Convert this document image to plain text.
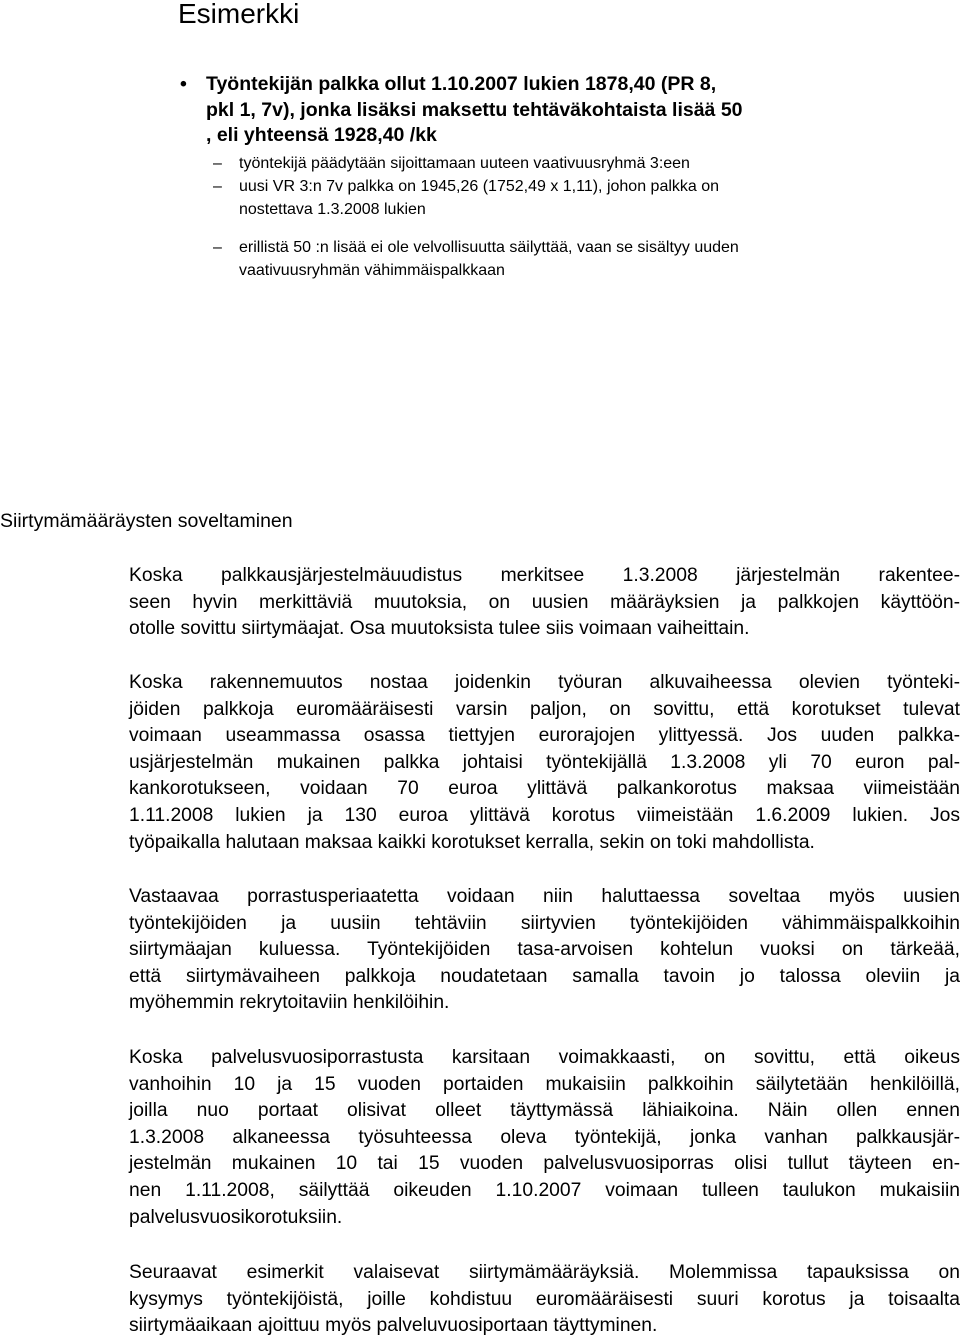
Esimerkki
• Työntekijän palkka ollut 1.10.2007 lukien 1878,40 (PR 8,
pkl 1, 7v), jonka lisäksi maksettu tehtäväkohtaista lisää 50
, eli yhteensä 1928,40 /kk
– työntekijä päädytään sijoittamaan uuteen vaativuusryhmä 3:een
– uusi VR 3:n 7v palkka on 1945,26 (1752,49 x 1,11), johon palkka on
nostettava 1.3.2008 lukien
– erillistä 50 :n lisää ei ole velvollisuutta säilyttää, vaan se sisältyy uuden
vaativuusryhmän vähimmäispalkkaan
Siirtymämääräysten soveltaminen
Koska palkkausjärjestelmäuudistus merkitsee 1.3.2008 järjestelmän rakentee-
seen hyvin merkittäviä muutoksia, on uusien määräyksien ja palkkojen käyttöön-
otolle sovittu siirtymäajat. Osa muutoksista tulee siis voimaan vaiheittain.
Koska rakennemuutos nostaa joidenkin työuran alkuvaiheessa olevien työnteki-
jöiden palkkoja euromääräisesti varsin paljon, on sovittu, että korotukset tulevat
voimaan useammassa osassa tiettyjen eurorajojen ylittyessä. Jos uuden palkka-
usjärjestelmän mukainen palkka johtaisi työntekijällä 1.3.2008 yli 70 euron pal-
kankorotukseen, voidaan 70 euroa ylittävä palkankorotus maksaa viimeistään
1.11.2008 lukien ja 130 euroa ylittävä korotus viimeistään 1.6.2009 lukien. Jos
työpaikalla halutaan maksaa kaikki korotukset kerralla, sekin on toki mahdollista.
Vastaavaa porrastusperiaatetta voidaan niin haluttaessa soveltaa myös uusien
työntekijöiden ja uusiin tehtäviin siirtyvien työntekijöiden vähimmäispalkkoihin
siirtymäajan kuluessa. Työntekijöiden tasa-arvoisen kohtelun vuoksi on tärkeää,
että siirtymävaiheen palkkoja noudatetaan samalla tavoin jo talossa oleviin ja
myöhemmin rekrytoitaviin henkilöihin.
Koska palvelusvuosiporrastusta karsitaan voimakkaasti, on sovittu, että oikeus
vanhoihin 10 ja 15 vuoden portaiden mukaisiin palkkoihin säilytetään henkilöillä,
joilla nuo portaat olisivat olleet täyttymässä lähiaikoina. Näin ollen ennen
1.3.2008 alkaneessa työsuhteessa oleva työntekijä, jonka vanhan palkkausjär-
jestelmän mukainen 10 tai 15 vuoden palvelusvuosiporras olisi tullut täyteen en-
nen 1.11.2008, säilyttää oikeuden 1.10.2007 voimaan tulleen taulukon mukaisiin
palvelusvuosikorotuksiin.
Seuraavat esimerkit valaisevat siirtymämääräyksiä. Molemmissa tapauksissa on
kysymys työntekijöistä, joille kohdistuu euromääräisesti suuri korotus ja toisaalta
siirtymäaikaan ajoittuu myös palveluvuosiportaan täyttyminen.
